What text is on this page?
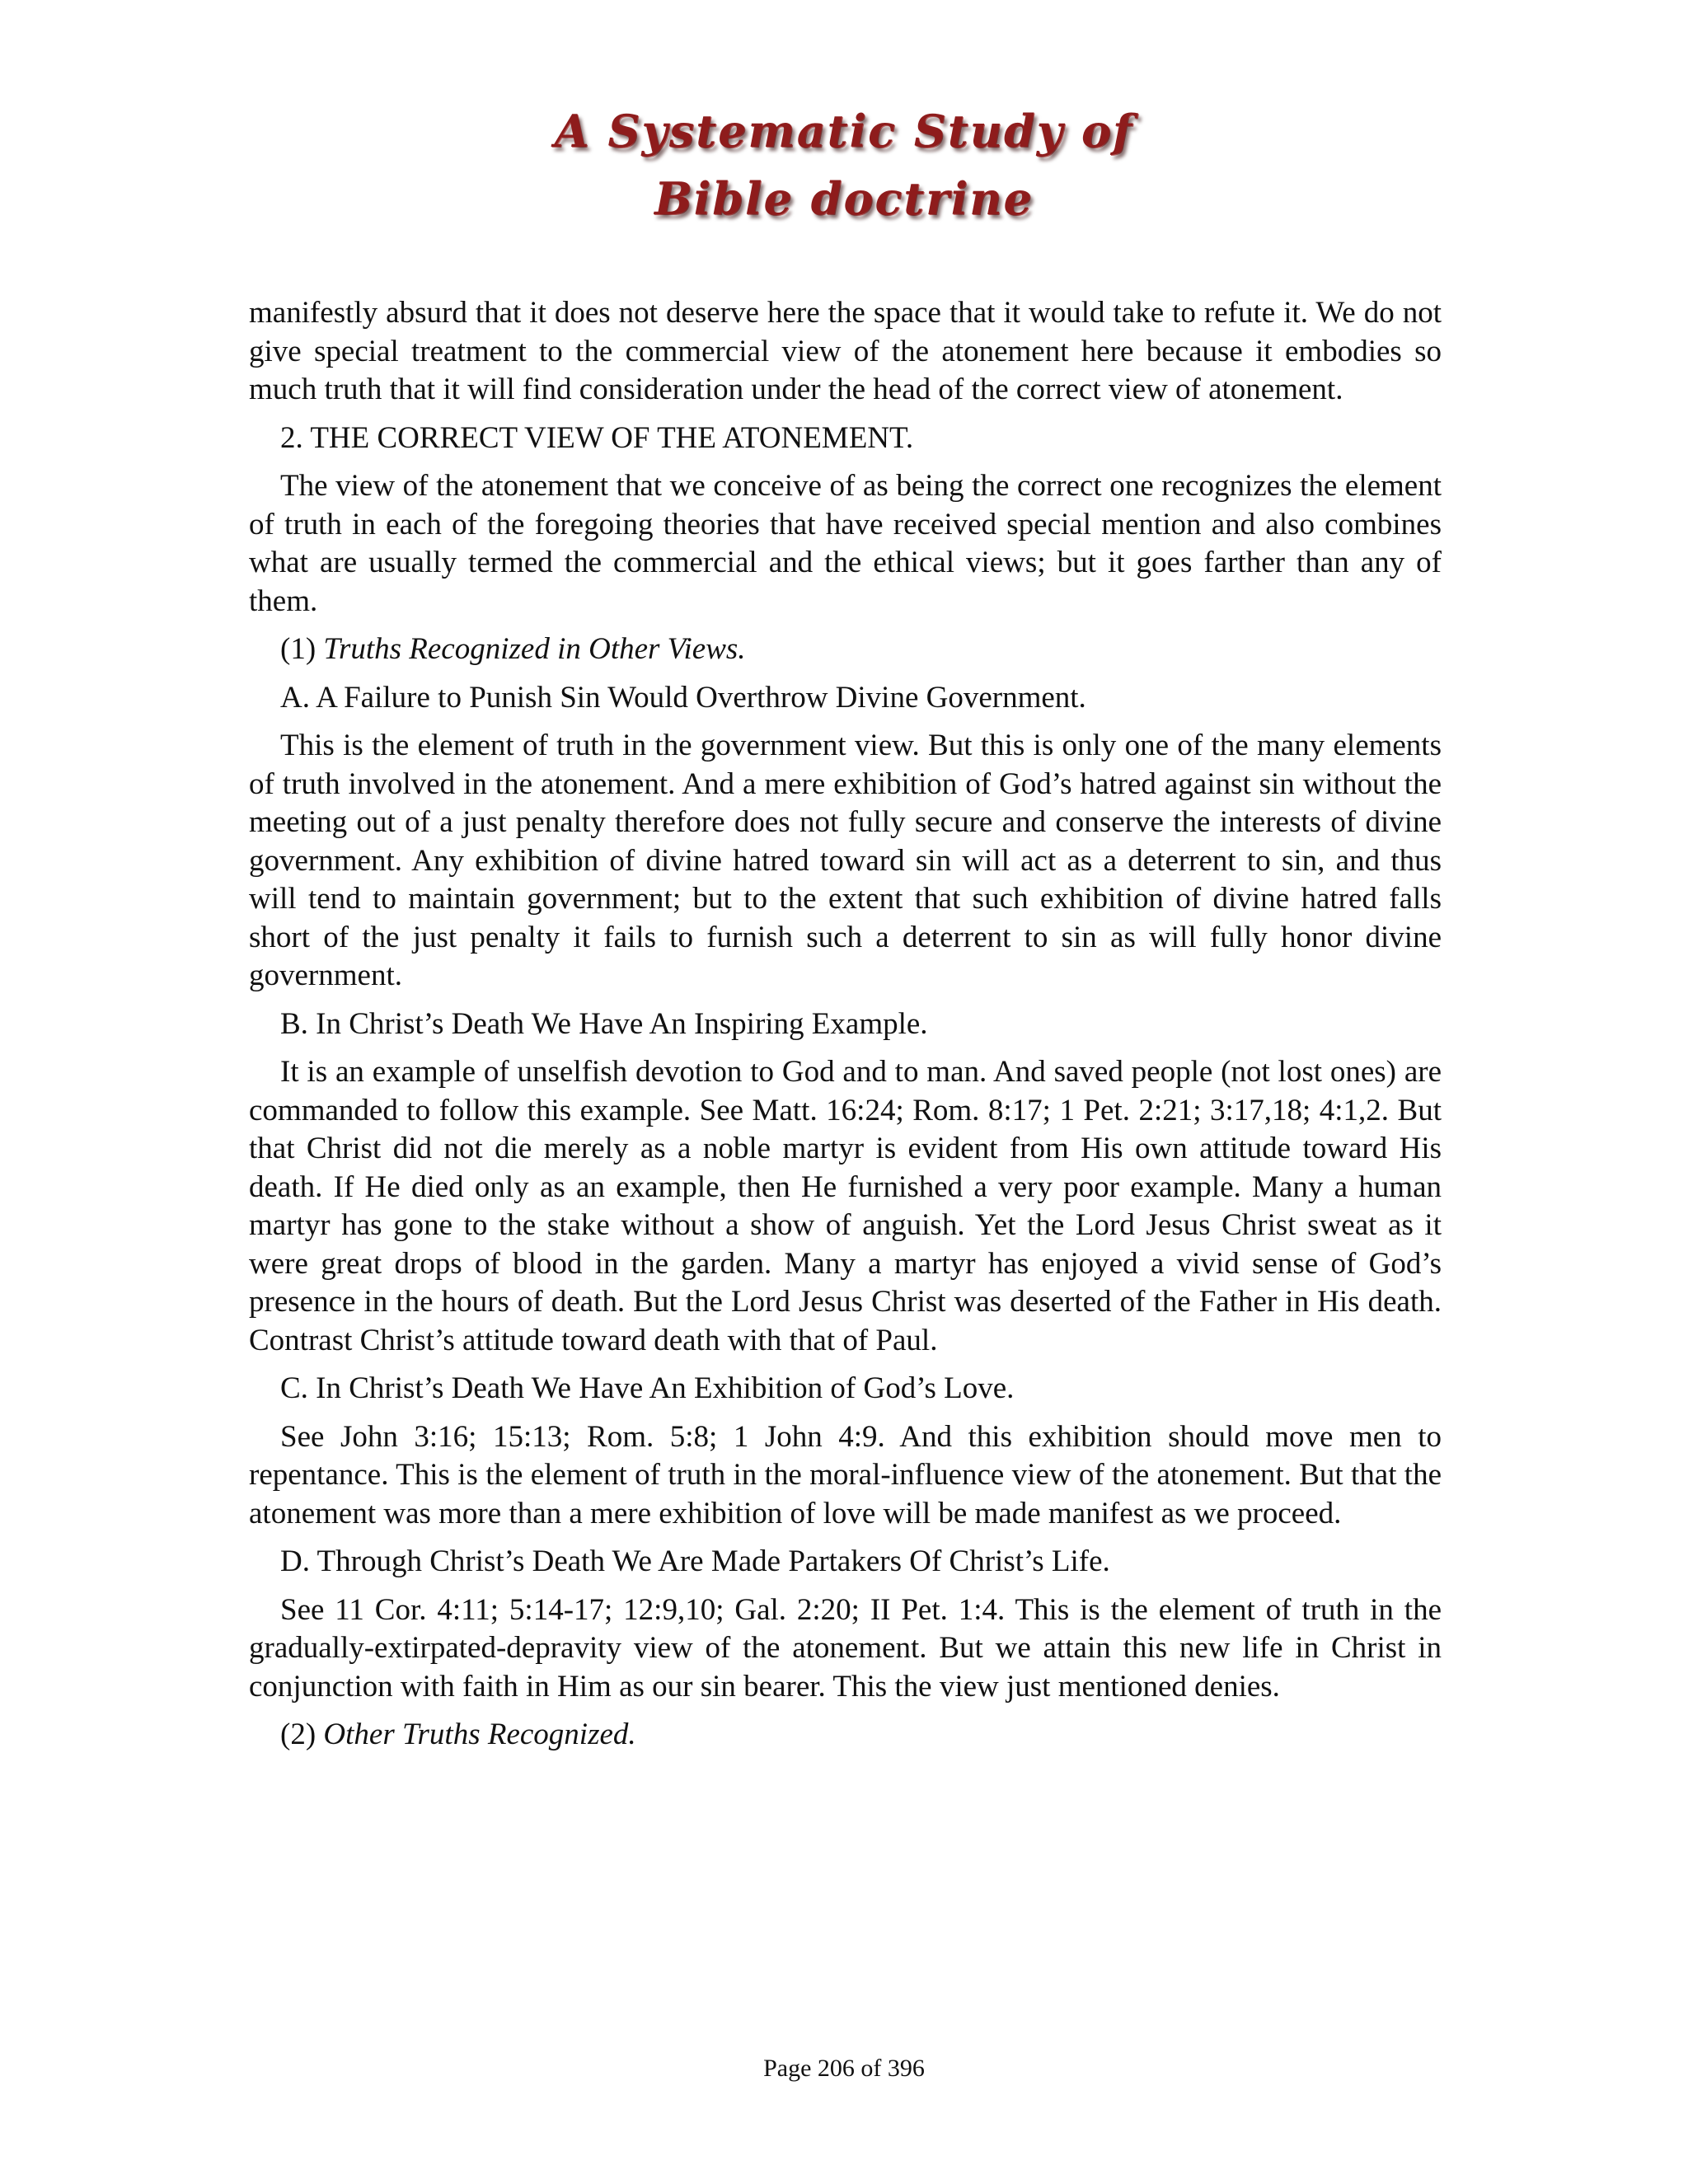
A Systematic Study of
Bible doctrine

manifestly absurd that it does not deserve here the space that it would take to refute it. We do not give special treatment to the commercial view of the atonement here because it embodies so much truth that it will find consideration under the head of the correct view of atonement.

2. THE CORRECT VIEW OF THE ATONEMENT.

The view of the atonement that we conceive of as being the correct one recognizes the element of truth in each of the foregoing theories that have received special mention and also combines what are usually termed the commercial and the ethical views; but it goes farther than any of them.

(1) Truths Recognized in Other Views.

A. A Failure to Punish Sin Would Overthrow Divine Government.

This is the element of truth in the government view. But this is only one of the many elements of truth involved in the atonement. And a mere exhibition of God’s hatred against sin without the meeting out of a just penalty therefore does not fully secure and conserve the interests of divine government. Any exhibition of divine hatred toward sin will act as a deterrent to sin, and thus will tend to maintain government; but to the extent that such exhibition of divine hatred falls short of the just penalty it fails to furnish such a deterrent to sin as will fully honor divine government.

B. In Christ’s Death We Have An Inspiring Example.

It is an example of unselfish devotion to God and to man. And saved people (not lost ones) are commanded to follow this example. See Matt. 16:24; Rom. 8:17; 1 Pet. 2:21; 3:17,18; 4:1,2. But that Christ did not die merely as a noble martyr is evident from His own attitude toward His death. If He died only as an example, then He furnished a very poor example. Many a human martyr has gone to the stake without a show of anguish. Yet the Lord Jesus Christ sweat as it were great drops of blood in the garden. Many a martyr has enjoyed a vivid sense of God’s presence in the hours of death. But the Lord Jesus Christ was deserted of the Father in His death. Contrast Christ’s attitude toward death with that of Paul.

C. In Christ’s Death We Have An Exhibition of God’s Love.

See John 3:16; 15:13; Rom. 5:8; 1 John 4:9. And this exhibition should move men to repentance. This is the element of truth in the moral-influence view of the atonement. But that the atonement was more than a mere exhibition of love will be made manifest as we proceed.

D. Through Christ’s Death We Are Made Partakers Of Christ’s Life.

See 11 Cor. 4:11; 5:14-17; 12:9,10; Gal. 2:20; II Pet. 1:4. This is the element of truth in the gradually-extirpated-depravity view of the atonement. But we attain this new life in Christ in conjunction with faith in Him as our sin bearer. This the view just mentioned denies.

(2) Other Truths Recognized.

Page 206 of 396
